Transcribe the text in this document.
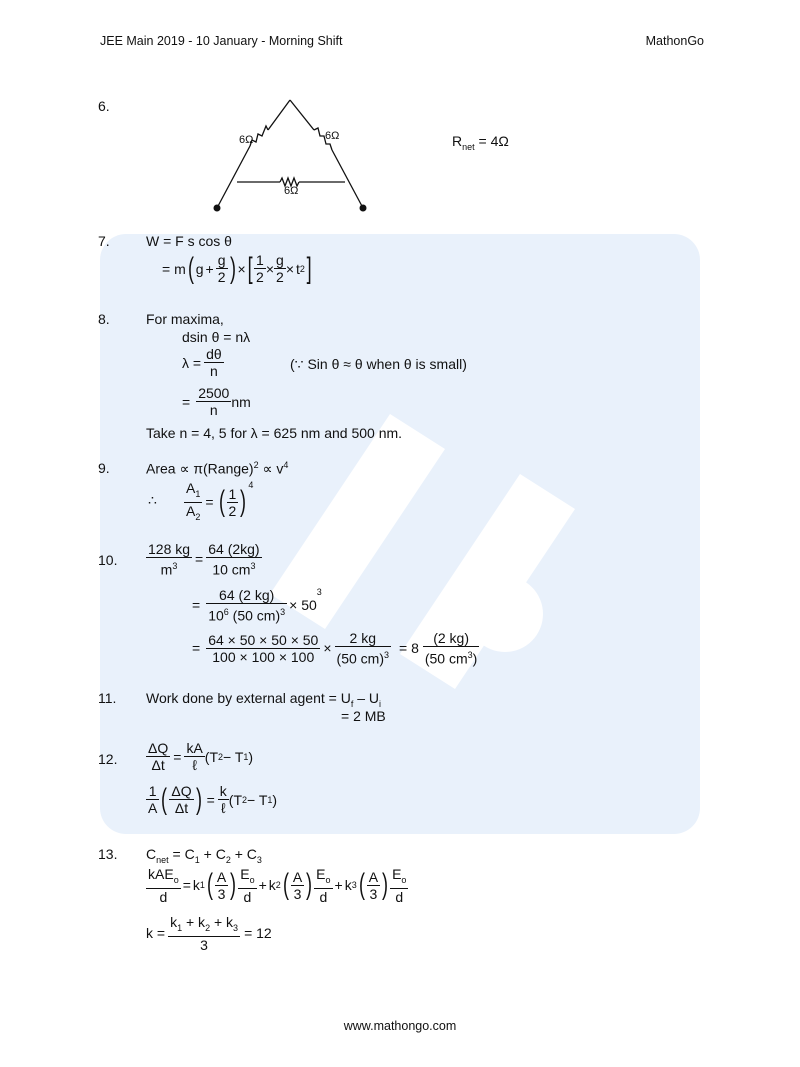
JEE Main 2019 - 10 January - Morning Shift	MathonGo
6.
6Ω	6Ω
6Ω
$R_{net} = 4\Omega$
7.	W = F s cos θ
= m ( $g + \frac{g}{2}$ ) × [ $\frac{1}{2} \times \frac{g}{2} \times t$ 2 ]
8.	For maxima,
dsin θ = nλ
$\lambda = \frac{d\theta}{n}$	(∵ Sin θ ≈ θ when θ is small)
= $\frac{2500}{n}$ nm
Take n = 4, 5 for λ = 625 nm and 500 nm.
9.	Area ∝ π(Range)$^2$ ∝ $v^4$
∴ $\frac{A_1}{A_2}$ = ( $\frac{1}{2}$ )
$^4$
10. $\frac{128 kg}{m^3} = \frac{64 (2kg)}{10 cm^3}$
= $\frac{64 (2 kg)}{10^6 (50 cm)^3} \times 50$
3
= $\frac{64 \times 50 \times 50 \times 50}{100 \times 100 \times 100} \times \frac{2 kg}{(50 cm)^3} = 8 \frac{(2 kg)}{(50 cm^3)}$
11. Work done by external agent = $U_f - U_i$
= 2 MB
12. $\frac{\Delta Q}{\Delta t} = \frac{kA}{\text{ℓ}} (T$ 2 − T 1 )
$\frac{1}{A}$ ( $\frac{\Delta Q}{\Delta t}$ ) = $\frac{k}{\text{ℓ}} (T$ 2 − T 1 )
13. $C_{net} = C_1 + C_2 + C_3$
$\frac{kAE_o}{d} = k$ 1 ( $\frac{A}{3}$ ) $\frac{E_o}{d} + k$ 2 ( $\frac{A}{3}$ ) $\frac{E_o}{d} + k$ 3 ( $\frac{A}{3}$ ) $\frac{E_o}{d}$
$k = \frac{k_1 + k_2 + k_3}{3} = 12$
www.mathongo.com
